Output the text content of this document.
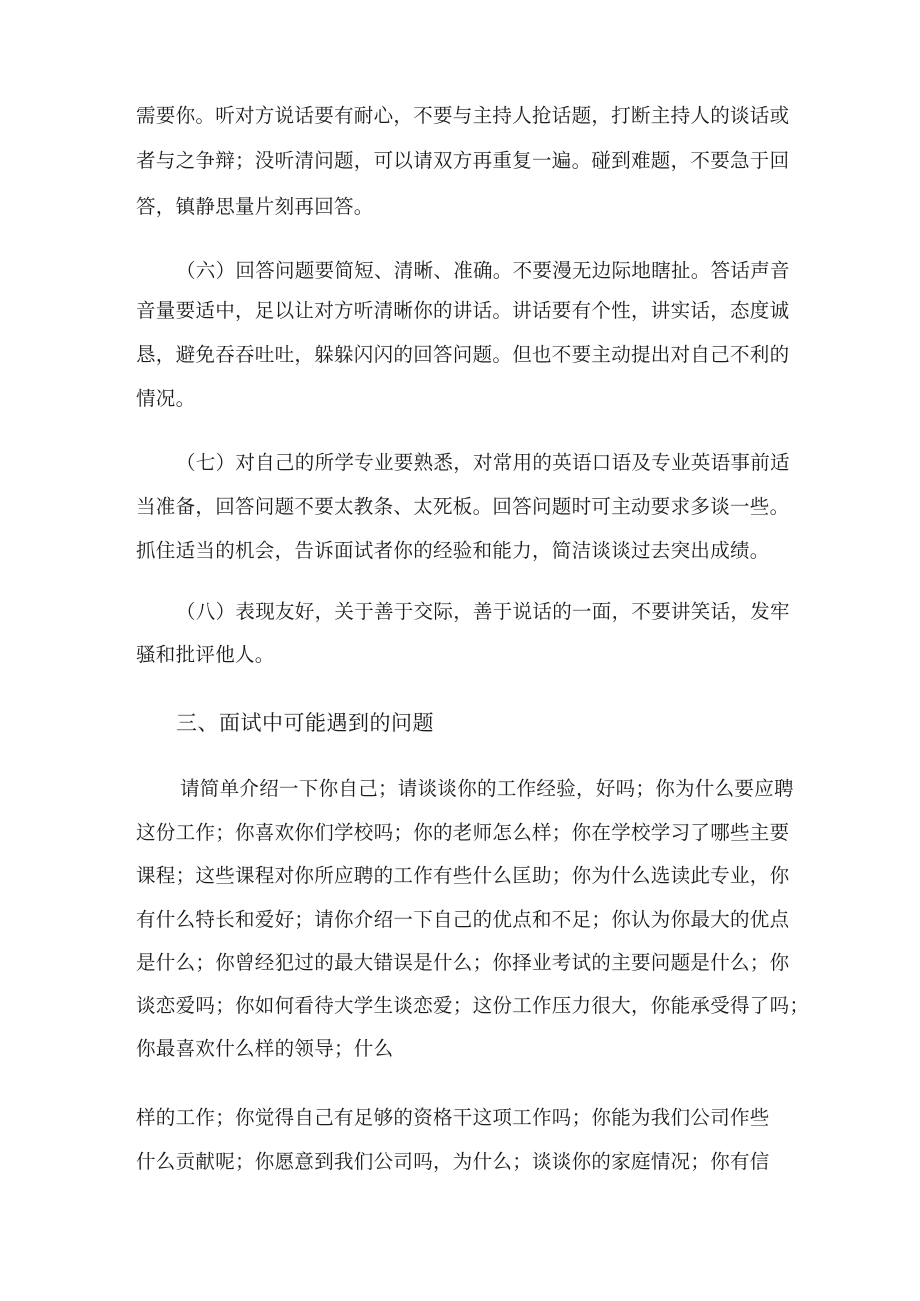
需要你。听对方说话要有耐心，不要与主持人抢话题，打断主持人的谈话或
者与之争辩；没听清问题，可以请双方再重复一遍。碰到难题，不要急于回
答，镇静思量片刻再回答。
（六）回答问题要简短、清晰、准确。不要漫无边际地瞎扯。答话声音
音量要适中，足以让对方听清晰你的讲话。讲话要有个性，讲实话，态度诚
恳，避免吞吞吐吐，躲躲闪闪的回答问题。但也不要主动提出对自己不利的
情况。
（七）对自己的所学专业要熟悉，对常用的英语口语及专业英语事前适
当准备，回答问题不要太教条、太死板。回答问题时可主动要求多谈一些。
抓住适当的机会，告诉面试者你的经验和能力，简洁谈谈过去突出成绩。
（八）表现友好，关于善于交际，善于说话的一面，不要讲笑话，发牢
骚和批评他人。
三、面试中可能遇到的问题
请简单介绍一下你自己；请谈谈你的工作经验，好吗；你为什么要应聘
这份工作；你喜欢你们学校吗；你的老师怎么样；你在学校学习了哪些主要
课程；这些课程对你所应聘的工作有些什么匡助；你为什么选读此专业，你
有什么特长和爱好；请你介绍一下自己的优点和不足；你认为你最大的优点
是什么；你曾经犯过的最大错误是什么；你择业考试的主要问题是什么；你
谈恋爱吗；你如何看待大学生谈恋爱；这份工作压力很大，你能承受得了吗；
你最喜欢什么样的领导；什么
样的工作；你觉得自己有足够的资格干这项工作吗；你能为我们公司作些
什么贡献呢；你愿意到我们公司吗，为什么；谈谈你的家庭情况；你有信
